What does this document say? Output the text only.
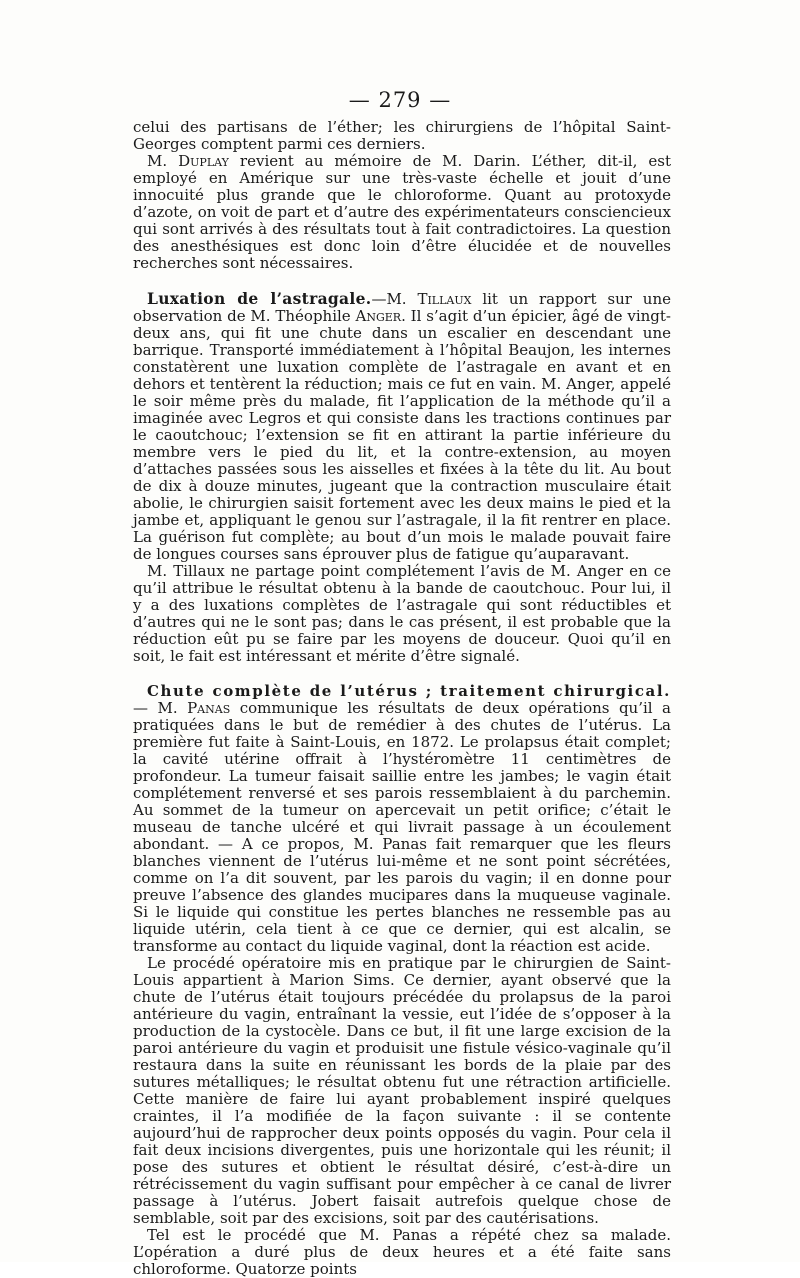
— 279 —

celui des partisans de l’éther; les chirurgiens de l’hôpital Saint-Georges comptent parmi ces derniers.

M. Duplay revient au mémoire de M. Darin. L’éther, dit-il, est employé en Amérique sur une très-vaste échelle et jouit d’une innocuité plus grande que le chloroforme. Quant au protoxyde d’azote, on voit de part et d’autre des expérimentateurs consciencieux qui sont arrivés à des résultats tout à fait contradictoires. La question des anesthésiques est donc loin d’être élucidée et de nouvelles recherches sont nécessaires.

Luxation de l’astragale.—M. Tillaux lit un rapport sur une observation de M. Théophile Anger. Il s’agit d’un épicier, âgé de vingt-deux ans, qui fit une chute dans un escalier en descendant une barrique. Transporté immédiatement à l’hôpital Beaujon, les internes constatèrent une luxation complète de l’astragale en avant et en dehors et tentèrent la réduction; mais ce fut en vain. M. Anger, appelé le soir même près du malade, fit l’application de la méthode qu’il a imaginée avec Legros et qui consiste dans les tractions continues par le caoutchouc; l’extension se fit en attirant la partie inférieure du membre vers le pied du lit, et la contre-extension, au moyen d’attaches passées sous les aisselles et fixées à la tête du lit. Au bout de dix à douze minutes, jugeant que la contraction musculaire était abolie, le chirurgien saisit fortement avec les deux mains le pied et la jambe et, appliquant le genou sur l’astragale, il la fit rentrer en place. La guérison fut complète; au bout d’un mois le malade pouvait faire de longues courses sans éprouver plus de fatigue qu’auparavant.

M. Tillaux ne partage point complétement l’avis de M. Anger en ce qu’il attribue le résultat obtenu à la bande de caoutchouc. Pour lui, il y a des luxations complètes de l’astragale qui sont réductibles et d’autres qui ne le sont pas; dans le cas présent, il est probable que la réduction eût pu se faire par les moyens de douceur. Quoi qu’il en soit, le fait est intéressant et mérite d’être signalé.

Chute complète de l’utérus ; traitement chirurgical. — M. Panas communique les résultats de deux opérations qu’il a pratiquées dans le but de remédier à des chutes de l’utérus. La première fut faite à Saint-Louis, en 1872. Le prolapsus était complet; la cavité utérine offrait à l’hystéromètre 11 centimètres de profondeur. La tumeur faisait saillie entre les jambes; le vagin était complétement renversé et ses parois ressemblaient à du parchemin. Au sommet de la tumeur on apercevait un petit orifice; c’était le museau de tanche ulcéré et qui livrait passage à un écoulement abondant. — A ce propos, M. Panas fait remarquer que les fleurs blanches viennent de l’utérus lui-même et ne sont point sécrétées, comme on l’a dit souvent, par les parois du vagin; il en donne pour preuve l’absence des glandes mucipares dans la muqueuse vaginale. Si le liquide qui constitue les pertes blanches ne ressemble pas au liquide utérin, cela tient à ce que ce dernier, qui est alcalin, se transforme au contact du liquide vaginal, dont la réaction est acide.

Le procédé opératoire mis en pratique par le chirurgien de Saint-Louis appartient à Marion Sims. Ce dernier, ayant observé que la chute de l’utérus était toujours précédée du prolapsus de la paroi antérieure du vagin, entraînant la vessie, eut l’idée de s’opposer à la production de la cystocèle. Dans ce but, il fit une large excision de la paroi antérieure du vagin et produisit une fistule vésico-vaginale qu’il restaura dans la suite en réunissant les bords de la plaie par des sutures métalliques; le résultat obtenu fut une rétraction artificielle. Cette manière de faire lui ayant probablement inspiré quelques craintes, il l’a modifiée de la façon suivante : il se contente aujourd’hui de rapprocher deux points opposés du vagin. Pour cela il fait deux incisions divergentes, puis une horizontale qui les réunit; il pose des sutures et obtient le résultat désiré, c’est-à-dire un rétrécissement du vagin suffisant pour empêcher à ce canal de livrer passage à l’utérus. Jobert faisait autrefois quelque chose de semblable, soit par des excisions, soit par des cautérisations.

Tel est le procédé que M. Panas a répété chez sa malade. L’opération a duré plus de deux heures et a été faite sans chloroforme. Quatorze points
